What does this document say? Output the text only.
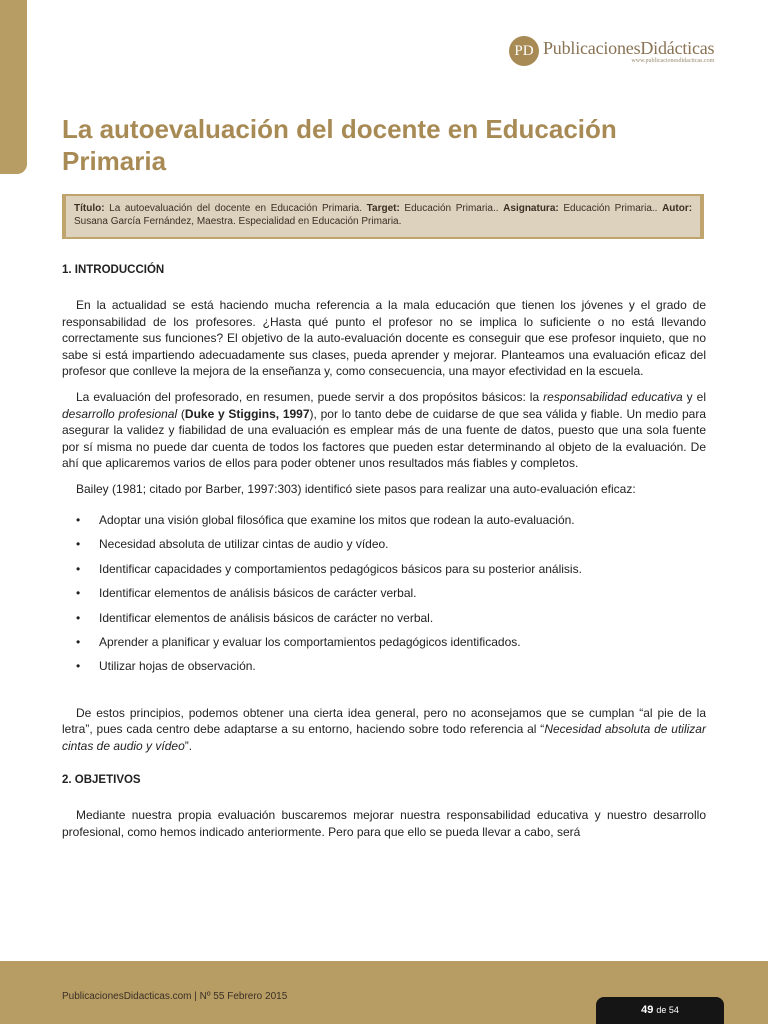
PD PublicacionesDidácticas
www.publicacionesdidacticas.com
La autoevaluación del docente en Educación Primaria
Título: La autoevaluación del docente en Educación Primaria. Target: Educación Primaria.. Asignatura: Educación Primaria.. Autor: Susana García Fernández, Maestra. Especialidad en Educación Primaria.

1. INTRODUCCIÓN

En la actualidad se está haciendo mucha referencia a la mala educación que tienen los jóvenes y el grado de responsabilidad de los profesores. ¿Hasta qué punto el profesor no se implica lo suficiente o no está llevando correctamente sus funciones? El objetivo de la auto-evaluación docente es conseguir que ese profesor inquieto, que no sabe si está impartiendo adecuadamente sus clases, pueda aprender y mejorar. Planteamos una evaluación eficaz del profesor que conlleve la mejora de la enseñanza y, como consecuencia, una mayor efectividad en la escuela.

La evaluación del profesorado, en resumen, puede servir a dos propósitos básicos: la responsabilidad educativa y el desarrollo profesional (Duke y Stiggins, 1997), por lo tanto debe de cuidarse de que sea válida y fiable. Un medio para asegurar la validez y fiabilidad de una evaluación es emplear más de una fuente de datos, puesto que una sola fuente por sí misma no puede dar cuenta de todos los factores que pueden estar determinando al objeto de la evaluación. De ahí que aplicaremos varios de ellos para poder obtener unos resultados más fiables y completos.

Bailey (1981; citado por Barber, 1997:303) identificó siete pasos para realizar una auto-evaluación eficaz:

• Adoptar una visión global filosófica que examine los mitos que rodean la auto-evaluación.
• Necesidad absoluta de utilizar cintas de audio y vídeo.
• Identificar capacidades y comportamientos pedagógicos básicos para su posterior análisis.
• Identificar elementos de análisis básicos de carácter verbal.
• Identificar elementos de análisis básicos de carácter no verbal.
• Aprender a planificar y evaluar los comportamientos pedagógicos identificados.
• Utilizar hojas de observación.

De estos principios, podemos obtener una cierta idea general, pero no aconsejamos que se cumplan “al pie de la letra”, pues cada centro debe adaptarse a su entorno, haciendo sobre todo referencia al “Necesidad absoluta de utilizar cintas de audio y vídeo”.

2. OBJETIVOS

Mediante nuestra propia evaluación buscaremos mejorar nuestra responsabilidad educativa y nuestro desarrollo profesional, como hemos indicado anteriormente. Pero para que ello se pueda llevar a cabo, será

PublicacionesDidacticas.com | Nº 55 Febrero 2015
49 de 54
